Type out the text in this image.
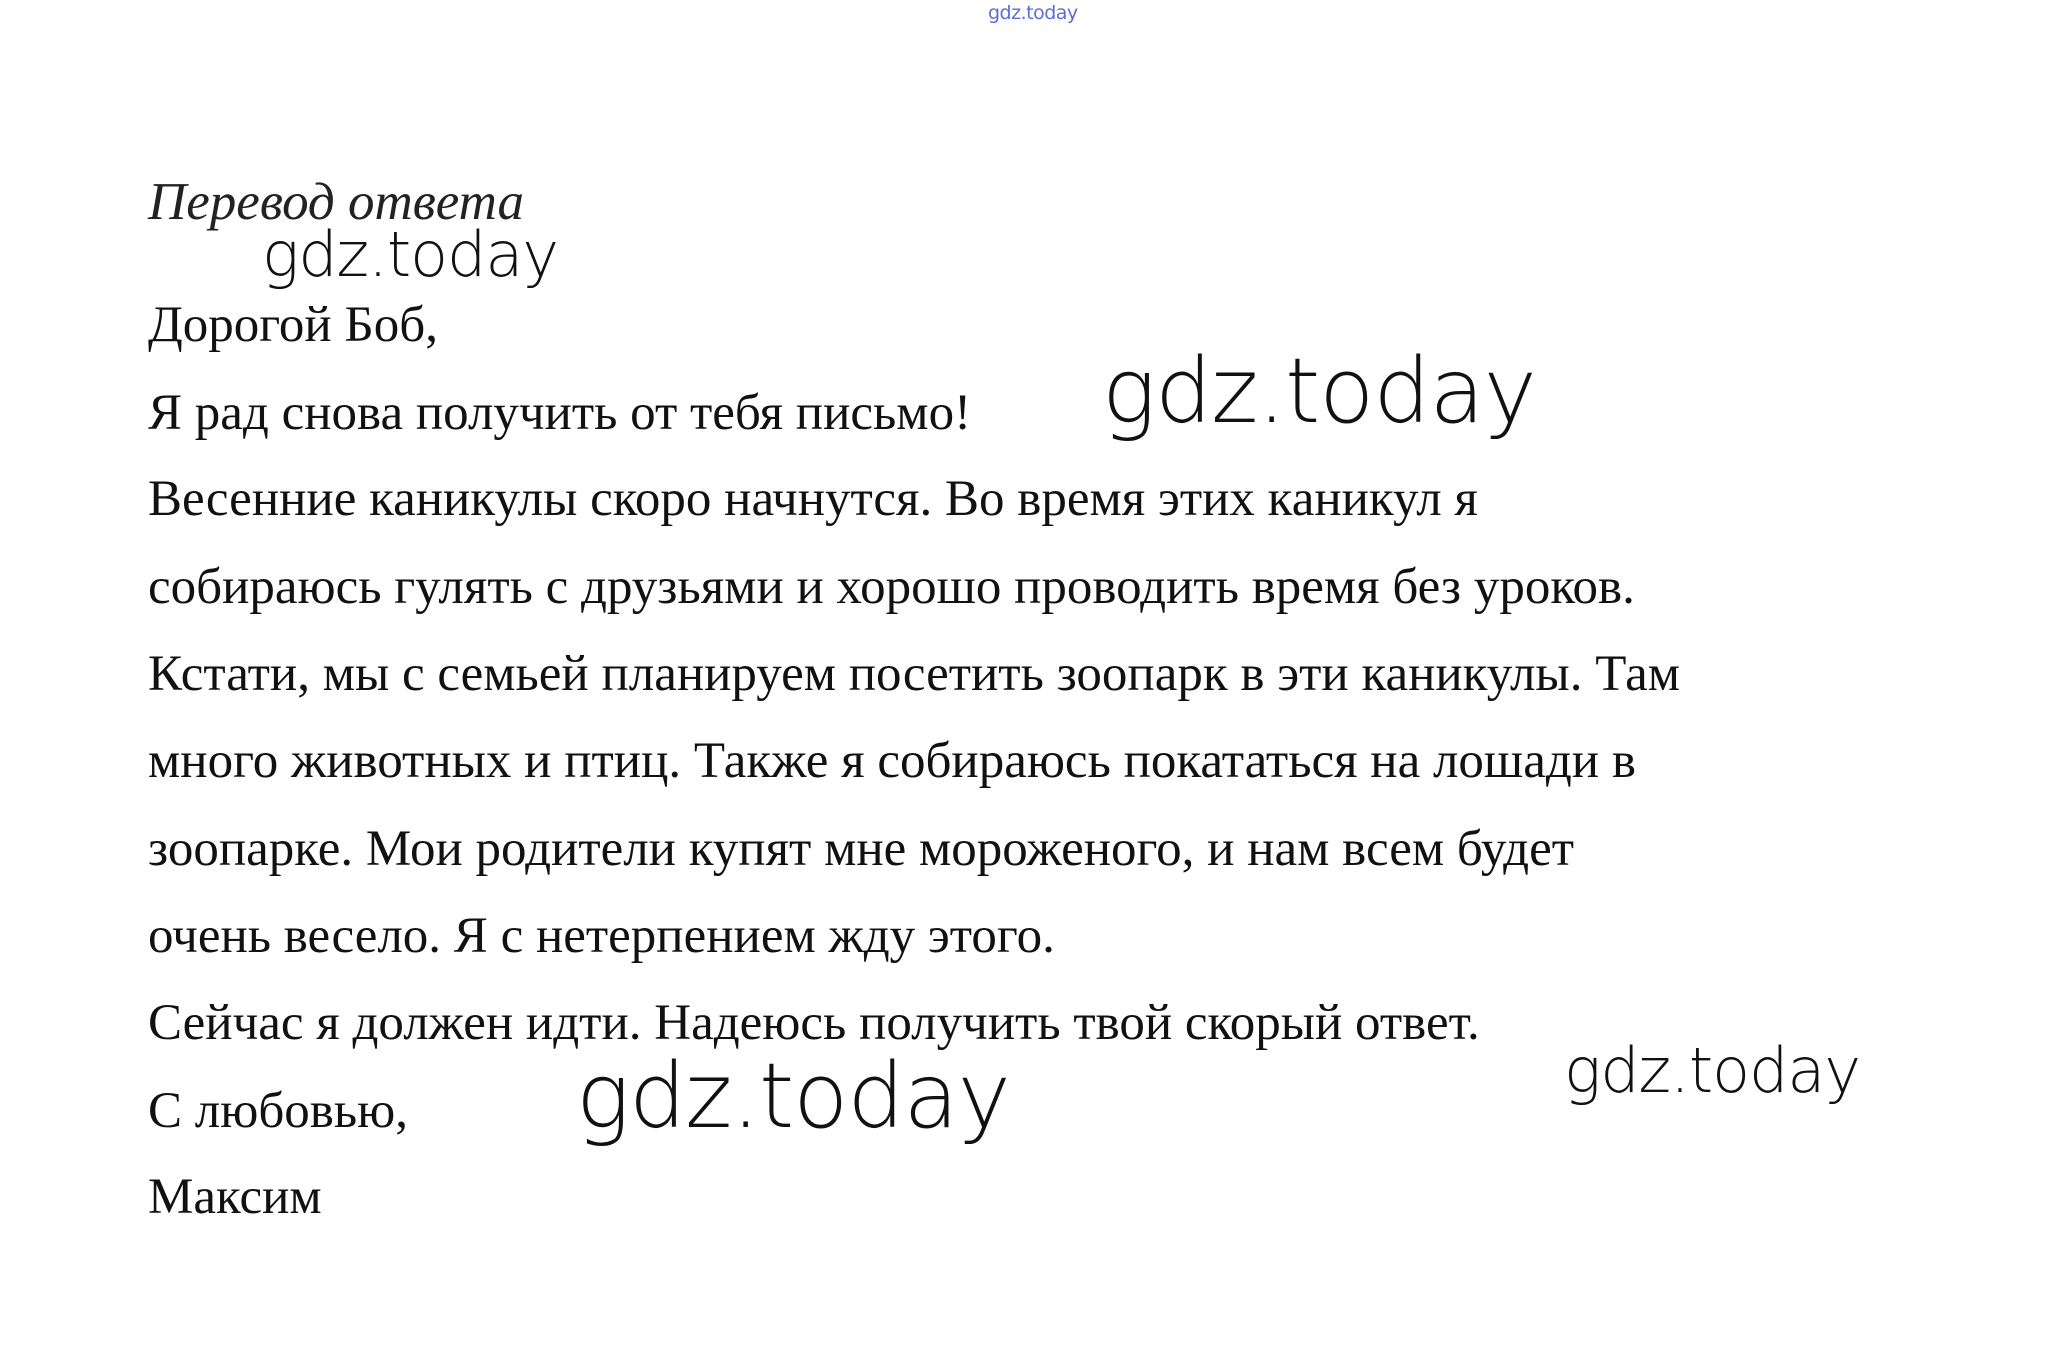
gdz.today
Перевод ответа
Дорогой Боб,
Я рад снова получить от тебя письмо!
Весенние каникулы скоро начнутся. Во время этих каникул я
собираюсь гулять с друзьями и хорошо проводить время без уроков.
Кстати, мы с семьей планируем посетить зоопарк в эти каникулы. Там
много животных и птиц. Также я собираюсь покататься на лошади в
зоопарке. Мои родители купят мне мороженого, и нам всем будет
очень весело. Я с нетерпением жду этого.
Сейчас я должен идти. Надеюсь получить твой скорый ответ.
С любовью,
Максим
gdz.today
gdz.today
gdz.today	gdz.today
